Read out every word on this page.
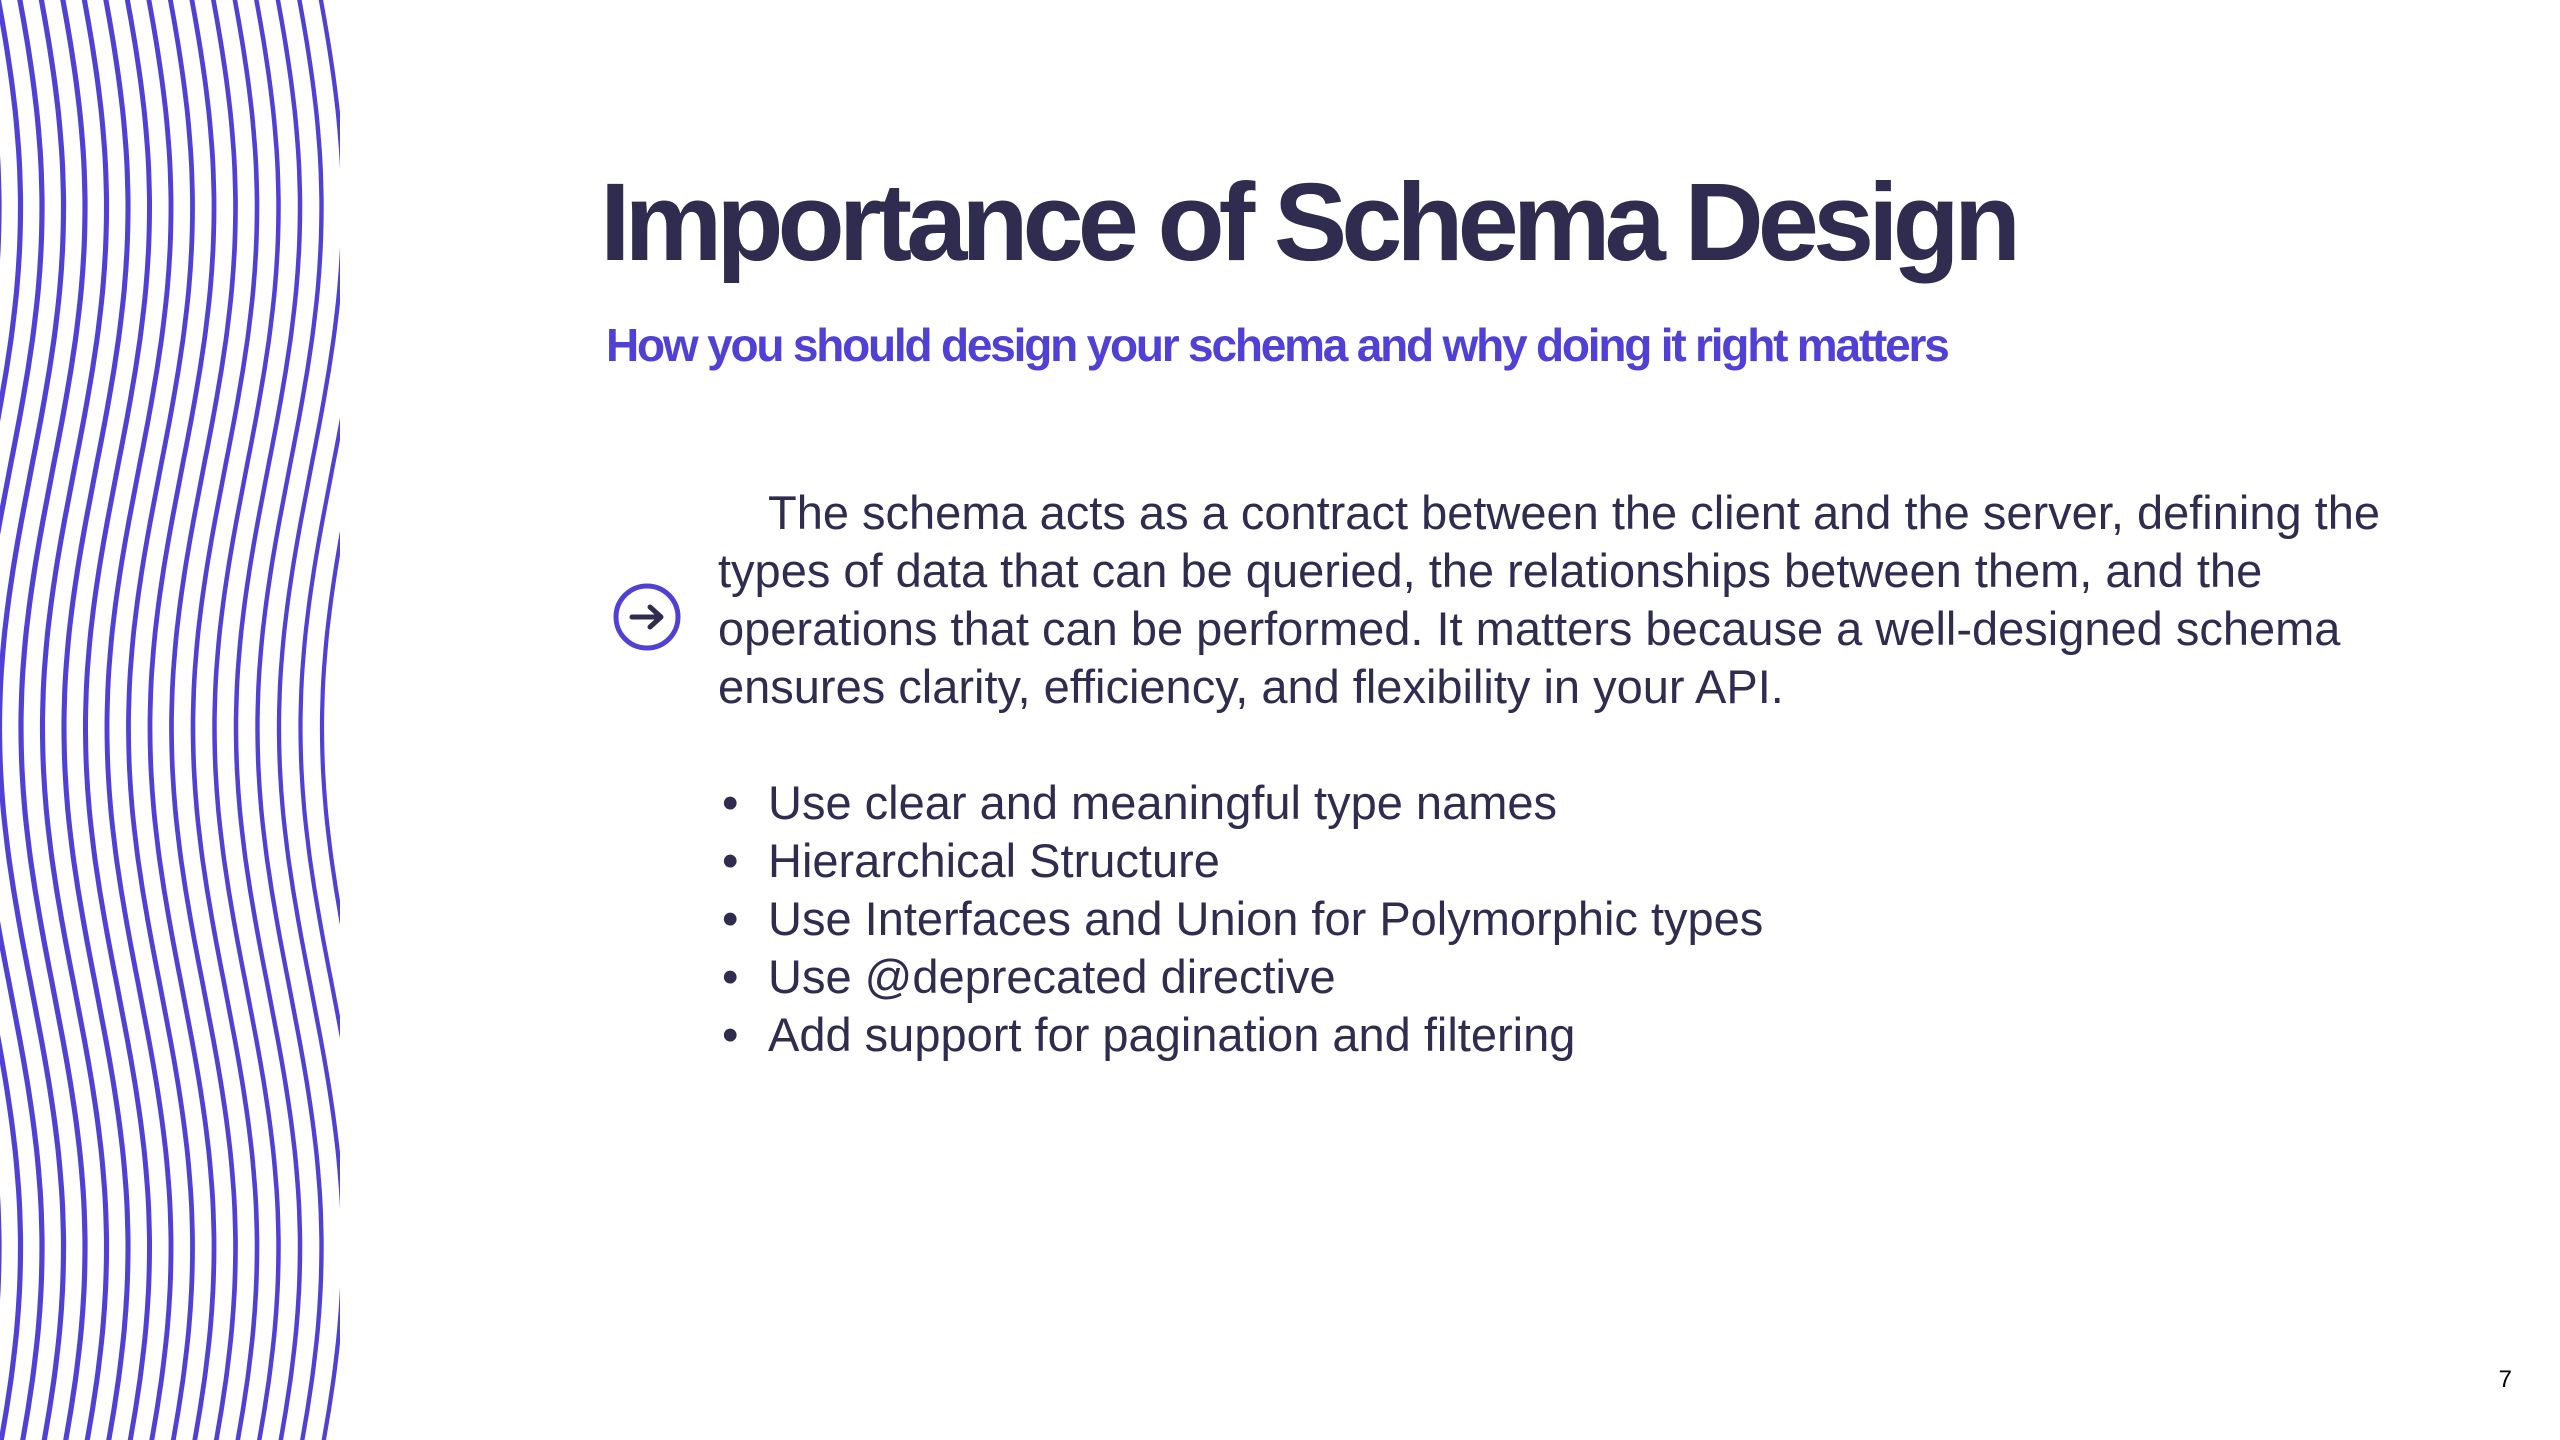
Importance of Schema Design
How you should design your schema and why doing it right matters

The schema acts as a contract between the client and the server, defining the types of data that can be queried, the relationships between them, and the operations that can be performed. It matters because a well-designed schema ensures clarity, efficiency, and flexibility in your API.

• Use clear and meaningful type names
• Hierarchical Structure
• Use Interfaces and Union for Polymorphic types
• Use @deprecated directive
• Add support for pagination and filtering
7
